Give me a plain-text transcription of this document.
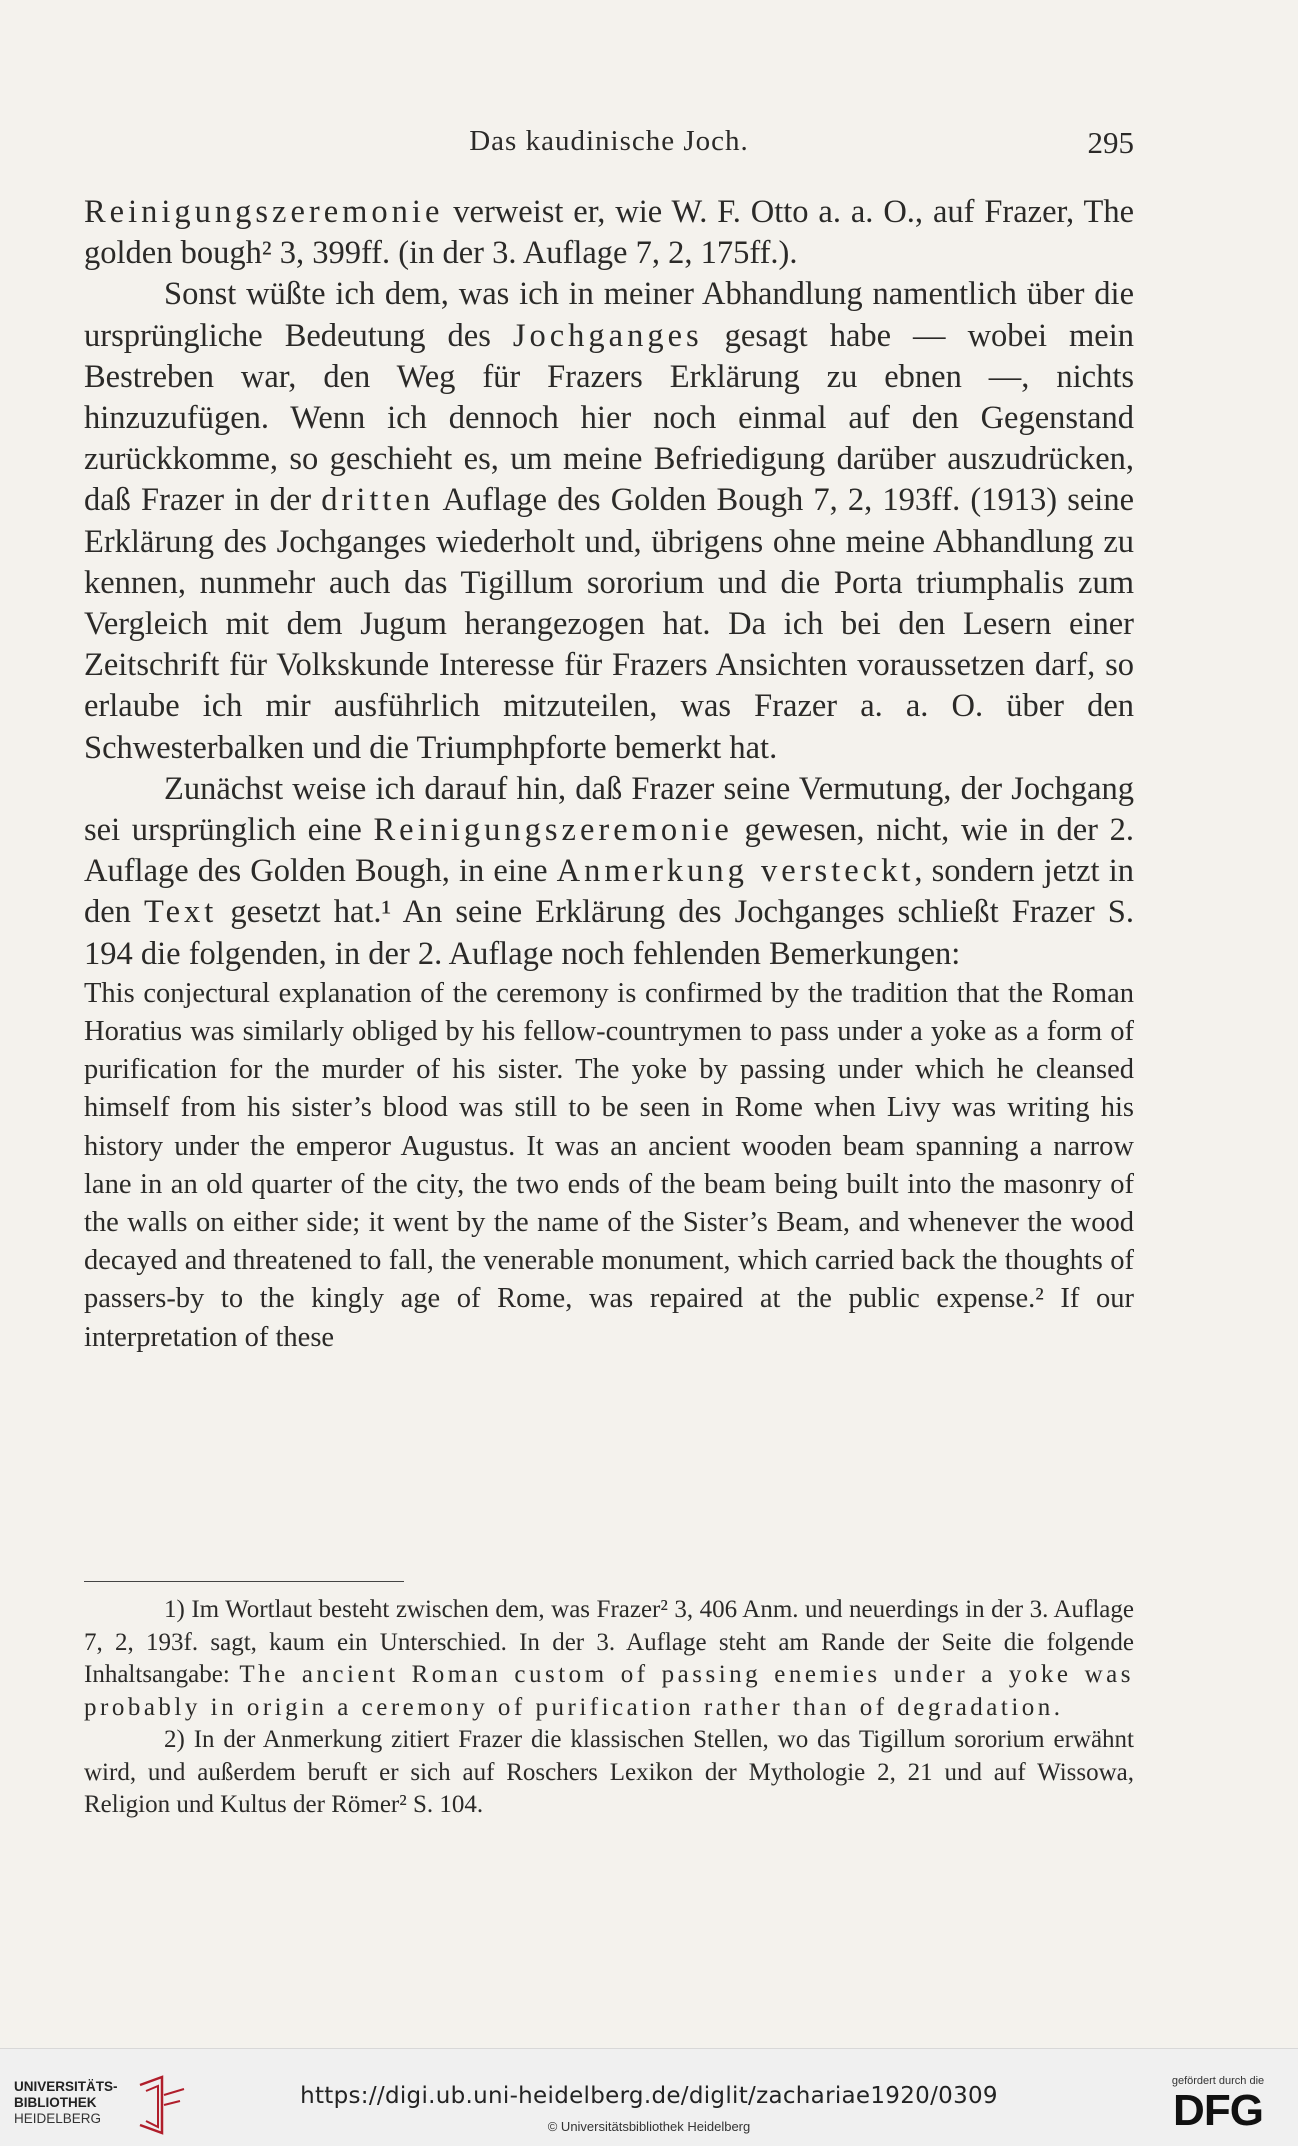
Das kaudinische Joch.	295

Reinigungszeremonie verweist er, wie W. F. Otto a. a. O., auf Frazer, The golden bough² 3, 399ff. (in der 3. Auflage 7, 2, 175ff.).

Sonst wüßte ich dem, was ich in meiner Abhandlung namentlich über die ursprüngliche Bedeutung des Jochganges gesagt habe — wobei mein Bestreben war, den Weg für Frazers Erklärung zu ebnen —, nichts hinzuzufügen. Wenn ich dennoch hier noch einmal auf den Gegenstand zurückkomme, so geschieht es, um meine Befriedigung darüber auszudrücken, daß Frazer in der dritten Auflage des Golden Bough 7, 2, 193ff. (1913) seine Erklärung des Jochganges wiederholt und, übrigens ohne meine Abhandlung zu kennen, nunmehr auch das Tigillum sororium und die Porta triumphalis zum Vergleich mit dem Jugum herangezogen hat. Da ich bei den Lesern einer Zeitschrift für Volkskunde Interesse für Frazers Ansichten voraussetzen darf, so erlaube ich mir ausführlich mitzuteilen, was Frazer a. a. O. über den Schwesterbalken und die Triumphpforte bemerkt hat.

Zunächst weise ich darauf hin, daß Frazer seine Vermutung, der Jochgang sei ursprünglich eine Reinigungszeremonie gewesen, nicht, wie in der 2. Auflage des Golden Bough, in eine Anmerkung versteckt, sondern jetzt in den Text gesetzt hat.¹ An seine Erklärung des Jochganges schließt Frazer S. 194 die folgenden, in der 2. Auflage noch fehlenden Bemerkungen:

This conjectural explanation of the ceremony is confirmed by the tradition that the Roman Horatius was similarly obliged by his fellow-countrymen to pass under a yoke as a form of purification for the murder of his sister. The yoke by passing under which he cleansed himself from his sister’s blood was still to be seen in Rome when Livy was writing his history under the emperor Augustus. It was an ancient wooden beam spanning a narrow lane in an old quarter of the city, the two ends of the beam being built into the masonry of the walls on either side; it went by the name of the Sister’s Beam, and whenever the wood decayed and threatened to fall, the venerable monument, which carried back the thoughts of passers-by to the kingly age of Rome, was repaired at the public expense.² If our interpretation of these

1) Im Wortlaut besteht zwischen dem, was Frazer² 3, 406 Anm. und neuerdings in der 3. Auflage 7, 2, 193f. sagt, kaum ein Unterschied. In der 3. Auflage steht am Rande der Seite die folgende Inhaltsangabe: The ancient Roman custom of passing enemies under a yoke was probably in origin a ceremony of purification rather than of degradation.

2) In der Anmerkung zitiert Frazer die klassischen Stellen, wo das Tigillum sororium erwähnt wird, und außerdem beruft er sich auf Roschers Lexikon der Mythologie 2, 21 und auf Wissowa, Religion und Kultus der Römer² S. 104.

UNIVERSITÄTS-
BIBLIOTHEK
HEIDELBERG
https://digi.ub.uni-heidelberg.de/diglit/zachariae1920/0309
© Universitätsbibliothek Heidelberg
gefördert durch die
DFG
